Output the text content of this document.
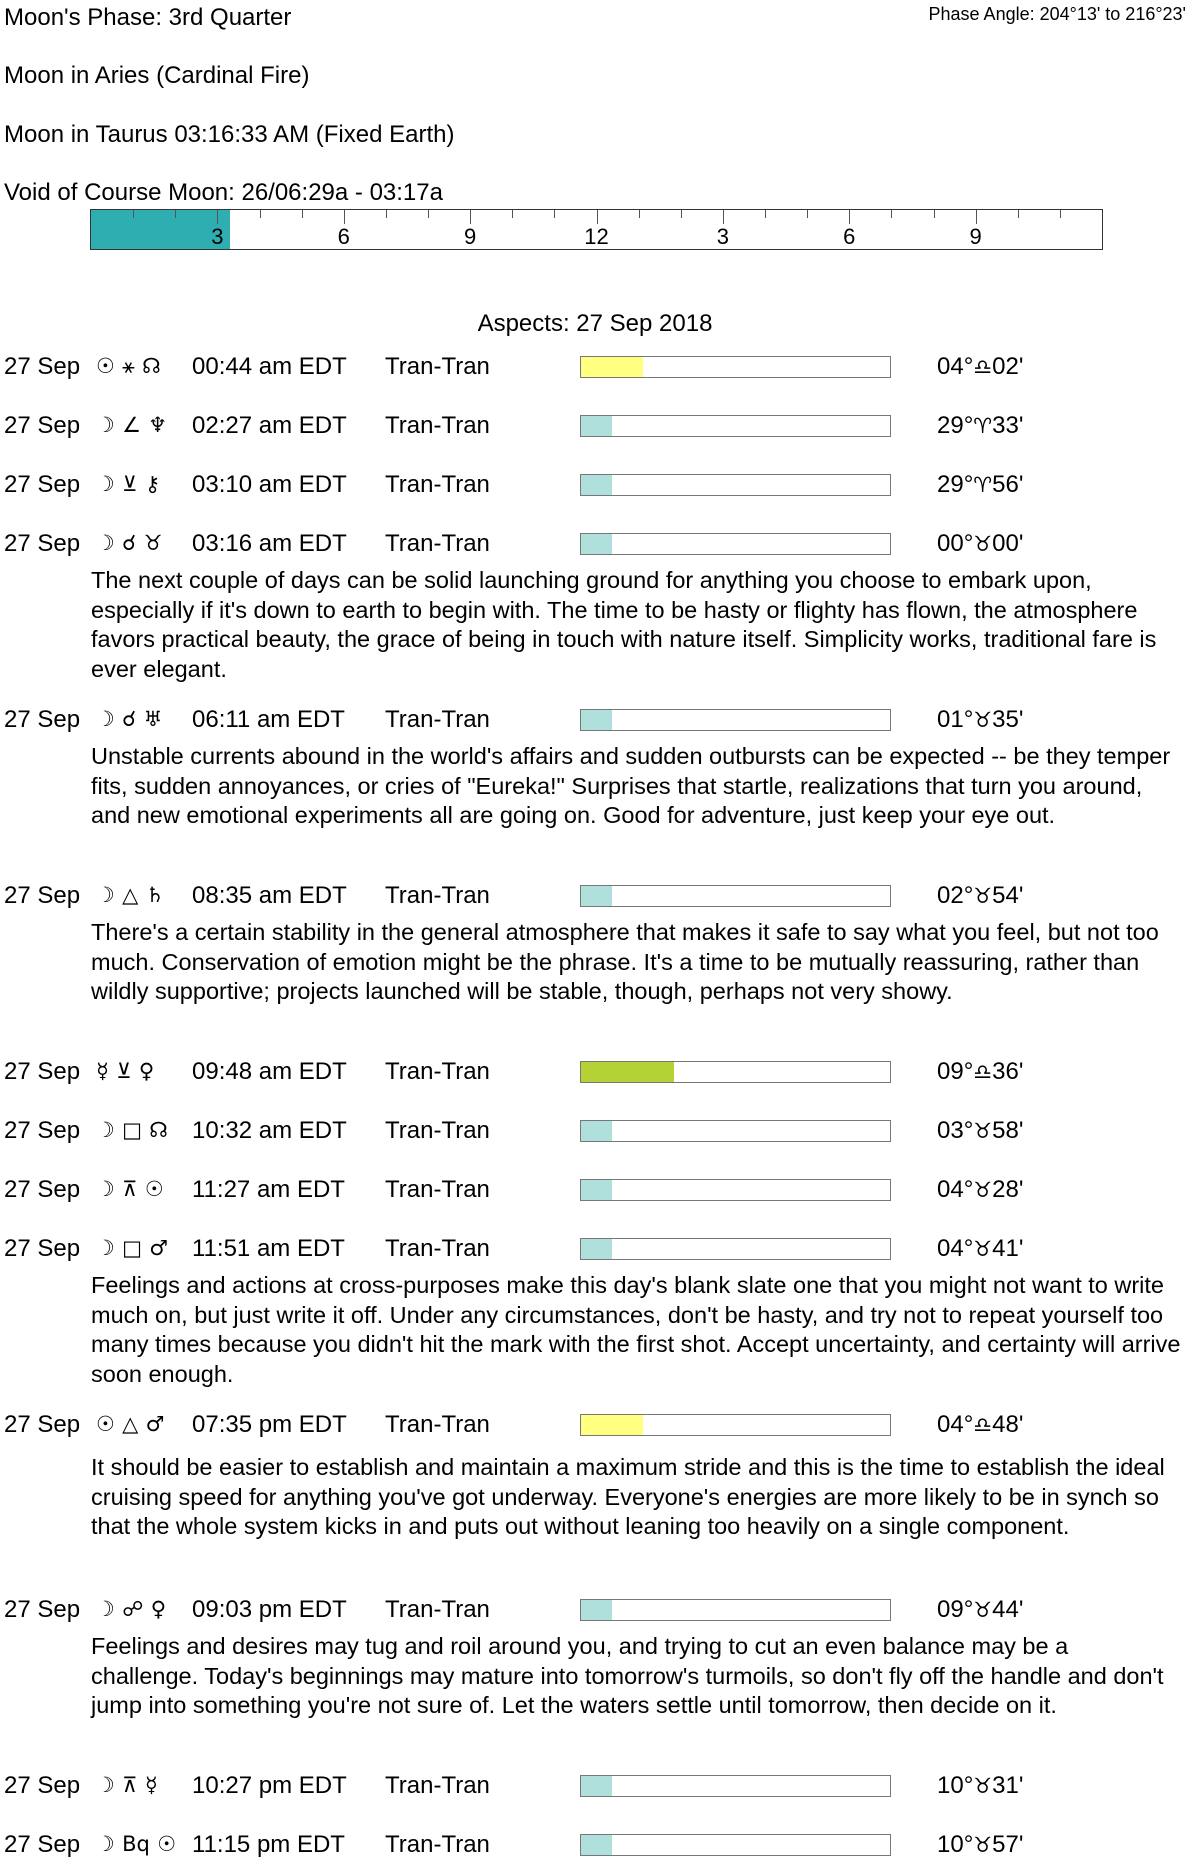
Moon's Phase: 3rd Quarter	Phase Angle: 204°13' to 216°23'
Moon in Aries (Cardinal Fire)
Moon in Taurus 03:16:33 AM (Fixed Earth)
Void of Course Moon: 26/06:29a - 03:17a
3	6	9	12	3	6	9
Aspects: 27 Sep 2018
27 Sep ☉ ⚹ ☊ 00:44 am EDT Tran-Tran	04°♎02'
27 Sep ☽ ∠ ♆ 02:27 am EDT Tran-Tran	29°♈33'
27 Sep ☽ ⊻ ⚷ 03:10 am EDT Tran-Tran	29°♈56'
27 Sep ☽ ☌ ♉ 03:16 am EDT Tran-Tran	00°♉00'
The next couple of days can be solid launching ground for anything you choose to embark upon, especially if it's down to earth to begin with. The time to be hasty or flighty has flown, the atmosphere favors practical beauty, the grace of being in touch with nature itself. Simplicity works, traditional fare is ever elegant.
27 Sep ☽ ☌ ♅ 06:11 am EDT Tran-Tran	01°♉35'
Unstable currents abound in the world's affairs and sudden outbursts can be expected -- be they temper fits, sudden annoyances, or cries of "Eureka!" Surprises that startle, realizations that turn you around, and new emotional experiments all are going on. Good for adventure, just keep your eye out.
27 Sep ☽ △ ♄ 08:35 am EDT Tran-Tran	02°♉54'
There's a certain stability in the general atmosphere that makes it safe to say what you feel, but not too much. Conservation of emotion might be the phrase. It's a time to be mutually reassuring, rather than wildly supportive; projects launched will be stable, though, perhaps not very showy.
27 Sep ☿ ⊻ ♀ 09:48 am EDT Tran-Tran	09°♎36'
27 Sep ☽ □ ☊ 10:32 am EDT Tran-Tran	03°♉58'
27 Sep ☽ ⊼ ☉ 11:27 am EDT Tran-Tran	04°♉28'
27 Sep ☽ □ ♂ 11:51 am EDT Tran-Tran	04°♉41'
Feelings and actions at cross-purposes make this day's blank slate one that you might not want to write much on, but just write it off. Under any circumstances, don't be hasty, and try not to repeat yourself too many times because you didn't hit the mark with the first shot. Accept uncertainty, and certainty will arrive soon enough.
27 Sep ☉ △ ♂ 07:35 pm EDT Tran-Tran	04°♎48'
It should be easier to establish and maintain a maximum stride and this is the time to establish the ideal cruising speed for anything you've got underway. Everyone's energies are more likely to be in synch so that the whole system kicks in and puts out without leaning too heavily on a single component.
27 Sep ☽ ☍ ♀ 09:03 pm EDT Tran-Tran	09°♉44'
Feelings and desires may tug and roil around you, and trying to cut an even balance may be a challenge. Today's beginnings may mature into tomorrow's turmoils, so don't fly off the handle and don't jump into something you're not sure of. Let the waters settle until tomorrow, then decide on it.
27 Sep ☽ ⊼ ☿ 10:27 pm EDT Tran-Tran	10°♉31'
27 Sep ☽ Bq ☉ 11:15 pm EDT Tran-Tran	10°♉57'
